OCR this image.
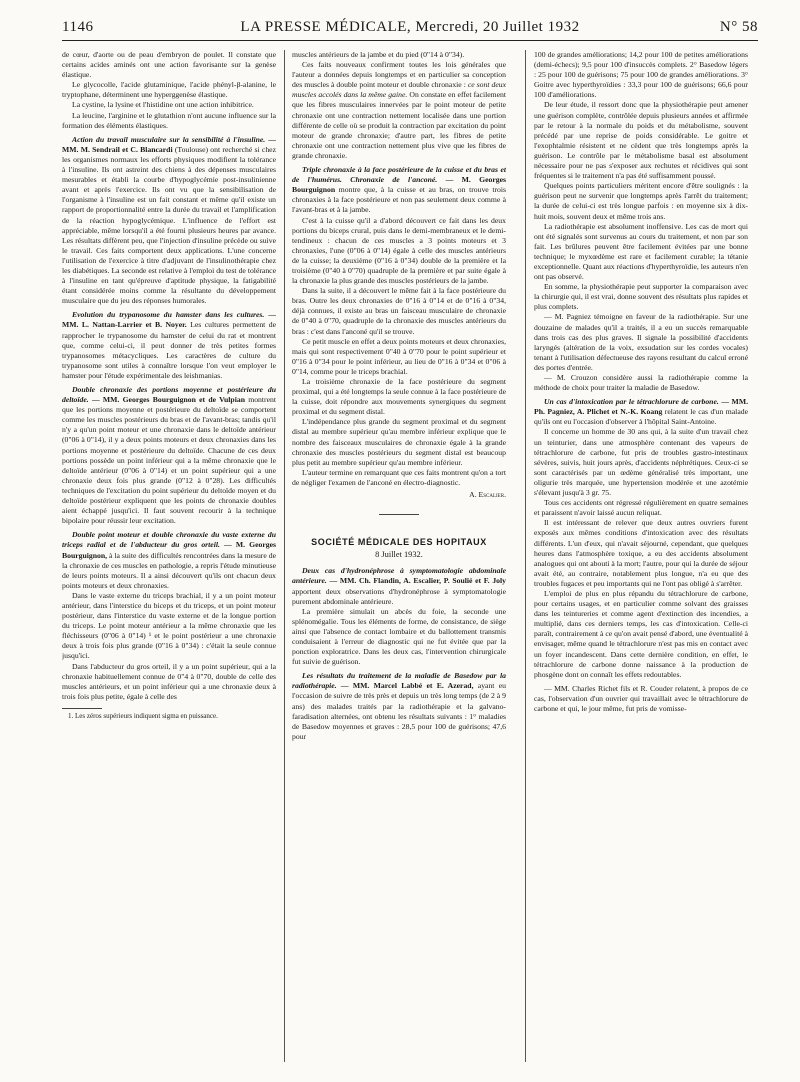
1146	LA PRESSE MÉDICALE, Mercredi, 20 Juillet 1932	N° 58

de cœur, d'aorte ou de peau d'embryon de poulet. Il constate que certains acides aminés ont une action favorisante sur la genèse élastique.

Le glycocolle, l'acide glutaminique, l'acide phényl-β-alanine, le tryptophane, déterminent une hyperggenèse élastique.

La cystine, la lysine et l'histidine ont une action inhibitrice.

La leucine, l'arginine et le glutathion n'ont aucune influence sur la formation des éléments élastiques.

Action du travail musculaire sur la sensibilité à l'insuline. — MM. M. Sendrail et C. Blancardi (Toulouse) ont recherché si chez les organismes normaux les efforts physiques modifient la tolérance à l'insuline. Ils ont astreint des chiens à des dépenses musculaires mesurables et établi la courbe d'hypoglycémie post-insulinienne avant et après l'exercice. Ils ont vu que la sensibilisation de l'organisme à l'insuline est un fait constant et même qu'il existe un rapport de proportionnalité entre la durée du travail et l'amplification de la réaction hypoglycémique. L'influence de l'effort est appréciable, même lorsqu'il a été fourni plusieurs heures par avance. Les résultats diffèrent peu, que l'injection d'insuline précède ou suive le travail. Ces faits comportent deux applications. L'une concerne l'utilisation de l'exercice à titre d'adjuvant de l'insulinothérapie chez les diabétiques. La seconde est relative à l'emploi du test de tolérance à l'insuline en tant qu'épreuve d'aptitude physique, la fatigabilité étant considérée moins comme la résultante du développement musculaire que du jeu des réponses humorales.

Evolution du trypanosome du hamster dans les cultures. — MM. L. Nattan-Larrier et B. Noyer. Les cultures permettent de rapprocher le trypanosome du hamster de celui du rat et montrent que, comme celui-ci, il peut donner de très petites formes trypanosomes métacycliques. Les caractères de culture du trypanosome sont utiles à connaître lorsque l'on veut employer le hamster pour l'étude expérimentale des leishmanias.

Double chronaxie des portions moyenne et postérieure du deltoïde. — MM. Georges Bourguignon et de Vulpian montrent que les portions moyenne et postérieure du deltoïde se comportent comme les muscles postérieurs du bras et de l'avant-bras; tandis qu'il n'y a qu'un point moteur et une chronaxie dans le deltoïde antérieur (0"06 à 0"14), il y a deux points moteurs et deux chronaxies dans les portions moyenne et postérieure du deltoïde. Chacune de ces deux portions possède un point inférieur qui a la même chronaxie que le deltoïde antérieur (0"06 à 0"14) et un point supérieur qui a une chronaxie deux fois plus grande (0"12 à 0"28). Les difficultés techniques de l'excitation du point supérieur du deltoïde moyen et du deltoïde postérieur expliquent que les points de chronaxie doubles aient échappé jusqu'ici. Il faut souvent recourir à la technique bipolaire pour réussir leur excitation.

Double point moteur et double chronaxie du vaste externe du triceps radial et de l'abducteur du gros orteil. — M. Georges Bourguignon, à la suite des difficultés rencontrées dans la mesure de la chronaxie de ces muscles en pathologie, a repris l'étude minutieuse de leurs points moteurs. Il a ainsi découvert qu'ils ont chacun deux points moteurs et deux chronaxies.

Dans le vaste externe du triceps brachial, il y a un point moteur antérieur, dans l'interstice du biceps et du triceps, et un point moteur postérieur, dans l'interstice du vaste externe et de la longue portion du triceps. Le point moteur antérieur a la même chronaxie que les fléchisseurs (0"06 à 0"14) ¹ et le point postérieur a une chronaxie deux à trois fois plus grande (0"16 à 0"34) : c'était la seule connue jusqu'ici.

Dans l'abducteur du gros orteil, il y a un point supérieur, qui a la chronaxie habituellement connue de 0"4 à 0"70, double de celle des muscles antérieurs, et un point inférieur qui a une chronaxie deux à trois fois plus petite, égale à celle des

1. Les zéros supérieurs indiquent sigma en puissance.

muscles antérieurs de la jambe et du pied (0"14 à 0"34).

Ces faits nouveaux confirment toutes les lois générales que l'auteur a données depuis longtemps et en particulier sa conception des muscles à double point moteur et double chronaxie : ce sont deux muscles accolés dans la même gaine. On constate en effet facilement que les fibres musculaires innervées par le point moteur de petite chronaxie ont une contraction nettement localisée dans une portion différente de celle où se produit la contraction par excitation du point moteur de grande chronaxie; d'autre part, les fibres de petite chronaxie ont une contraction nettement plus vive que les fibres de grande chronaxie.

Triple chronaxie à la face postérieure de la cuisse et du bras et de l'humérus. Chronaxie de l'anconé. — M. Georges Bourguignon montre que, à la cuisse et au bras, on trouve trois chronaxies à la face postérieure et non pas seulement deux comme à l'avant-bras et à la jambe.

C'est à la cuisse qu'il a d'abord découvert ce fait dans les deux portions du biceps crural, puis dans le demi-membraneux et le demi-tendineux : chacun de ces muscles a 3 points moteurs et 3 chronaxies, l'une (0"06 à 0"14) égale à celle des muscles antérieurs de la cuisse; la deuxième (0"16 à 0"34) double de la première et la troisième (0"40 à 0"70) quadruple de la première et par suite égale à la chronaxie la plus grande des muscles postérieurs de la jambe.

Dans la suite, il a découvert le même fait à la face postérieure du bras. Outre les deux chronaxies de 0"16 à 0"14 et de 0"16 à 0"34, déjà connues, il existe au bras un faisceau musculaire de chronaxie de 0"40 à 0"70, quadruple de la chronaxie des muscles antérieurs du bras : c'est dans l'anconé qu'il se trouve.

Ce petit muscle en effet a deux points moteurs et deux chronaxies, mais qui sont respectivement 0"40 à 0"70 pour le point supérieur et 0"16 à 0"34 pour le point inférieur, au lieu de 0"16 à 0"34 et 0"06 à 0"14, comme pour le triceps brachial.

La troisième chronaxie de la face postérieure du segment proximal, qui a été longtemps la seule connue à la face postérieure de la cuisse, doit répondre aux mouvements synergiques du segment proximal et du segment distal.

L'indépendance plus grande du segment proximal et du segment distal au membre supérieur qu'au membre inférieur explique que le nombre des faisceaux musculaires de chronaxie égale à la grande chronaxie des muscles postérieurs du segment distal est beaucoup plus petit au membre supérieur qu'au membre inférieur.

L'auteur termine en remarquant que ces faits montrent qu'on a tort de négliger l'examen de l'anconé en électro-diagnostic.

A. Escalier.

SOCIÉTÉ MÉDICALE DES HOPITAUX

8 Juillet 1932.

Deux cas d'hydronéphrose à symptomatologie abdominale antérieure. — MM. Ch. Flandin, A. Escalier, P. Soulié et F. Joly apportent deux observations d'hydronéphrose à symptomatologie purement abdominale antérieure.

La première simulait un abcès du foie, la seconde une splénomégalie. Tous les éléments de forme, de consistance, de siège ainsi que l'absence de contact lombaire et du ballottement transmis conduisaient à l'erreur de diagnostic qui ne fut évitée que par la ponction exploratrice. Dans les deux cas, l'intervention chirurgicale fut suivie de guérison.

Les résultats du traitement de la maladie de Basedow par la radiothérapie. — MM. Marcel Labbé et E. Azerad, ayant eu l'occasion de suivre de très près et depuis un très long temps (de 2 à 9 ans) des malades traités par la radiothérapie et la galvano-faradisation alternées, ont obtenu les résultats suivants : 1° maladies de Basedow moyennes et graves : 28,5 pour 100 de guérisons; 47,6 pour

100 de grandes améliorations; 14,2 pour 100 de petites améliorations (demi-échecs); 9,5 pour 100 d'insuccès complets. 2° Basedow légers : 25 pour 100 de guérisons; 75 pour 100 de grandes améliorations. 3° Goitre avec hyperthyroïdies : 33,3 pour 100 de guérisons; 66,6 pour 100 d'améliorations.

De leur étude, il ressort donc que la physiothérapie peut amener une guérison complète, contrôlée depuis plusieurs années et affirmée par le retour à la normale du poids et du métabolisme, souvent précédé par une reprise de poids considérable. Le goitre et l'exophtalmie résistent et ne cèdent que très longtemps après la guérison. Le contrôle par le métabolisme basal est absolument nécessaire pour ne pas s'exposer aux rechutes et récidives qui sont fréquentes si le traitement n'a pas été suffisamment poussé.

Quelques points particuliers méritent encore d'être soulignés : la guérison peut ne survenir que longtemps après l'arrêt du traitement; la durée de celui-ci est très longue parfois : en moyenne six à dix-huit mois, souvent deux et même trois ans.

La radiothérapie est absolument inoffensive. Les cas de mort qui ont été signalés sont survenus au cours du traitement, et non par son fait. Les brûlures peuvent être facilement évitées par une bonne technique; le myxœdème est rare et facilement curable; la tétanie exceptionnelle. Quant aux réactions d'hyperthyroïdie, les auteurs n'en ont pas observé.

En somme, la physiothérapie peut supporter la comparaison avec la chirurgie qui, il est vrai, donne souvent des résultats plus rapides et plus complets.

— M. Pagniez témoigne en faveur de la radiothérapie. Sur une douzaine de malades qu'il a traités, il a eu un succès remarquable dans trois cas des plus graves. Il signale la possibilité d'accidents laryngés (altération de la voix, exsudation sur les cordes vocales) tenant à l'utilisation défectueuse des rayons resultant du calcul erroné des portes d'entrée.

— M. Crouzon considère aussi la radiothérapie comme la méthode de choix pour traiter la maladie de Basedow.

Un cas d'intoxication par le tétrachlorure de carbone. — MM. Ph. Pagniez, A. Plichet et N.-K. Koang relatent le cas d'un malade qu'ils ont eu l'occasion d'observer à l'hôpital Saint-Antoine.

Il concerne un homme de 30 ans qui, à la suite d'un travail chez un teinturier, dans une atmosphère contenant des vapeurs de tétrachlorure de carbone, fut pris de troubles gastro-intestinaux sévères, suivis, huit jours après, d'accidents néphrétiques. Ceux-ci se sont caractérisés par un œdème généralisé très important, une oligurie très marquée, une hypertension modérée et une azotémie s'élevant jusqu'à 3 gr. 75.

Tous ces accidents ont régressé régulièrement en quatre semaines et paraissent n'avoir laissé aucun reliquat.

Il est intéressant de relever que deux autres ouvriers furent exposés aux mêmes conditions d'intoxication avec des résultats différents. L'un d'eux, qui n'avait séjourné, cependant, que quelques heures dans l'atmosphère toxique, a eu des accidents absolument analogues qui ont abouti à la mort; l'autre, pour qui la durée de séjour avait été, au contraire, notablement plus longue, n'a eu que des troubles fugaces et peu importants qui ne l'ont pas obligé à s'arrêter.

L'emploi de plus en plus répandu du tétrachlorure de carbone, pour certains usages, et en particulier comme solvant des graisses dans les teintureries et comme agent d'extinction des incendies, a multiplié, dans ces derniers temps, les cas d'intoxication. Celle-ci paraît, contrairement à ce qu'on avait pensé d'abord, une éventualité à envisager, même quand le tétrachlorure n'est pas mis en contact avec un foyer incandescent. Dans cette dernière condition, en effet, le tétrachlorure de carbone donne naissance à la production de phosgène dont on connaît les effets redoutables.

— MM. Charles Richet fils et R. Couder relatent, à propos de ce cas, l'observation d'un ouvrier qui travaillait avec le tétrachlorure de carbone et qui, le jour même, fut pris de vomisse-
